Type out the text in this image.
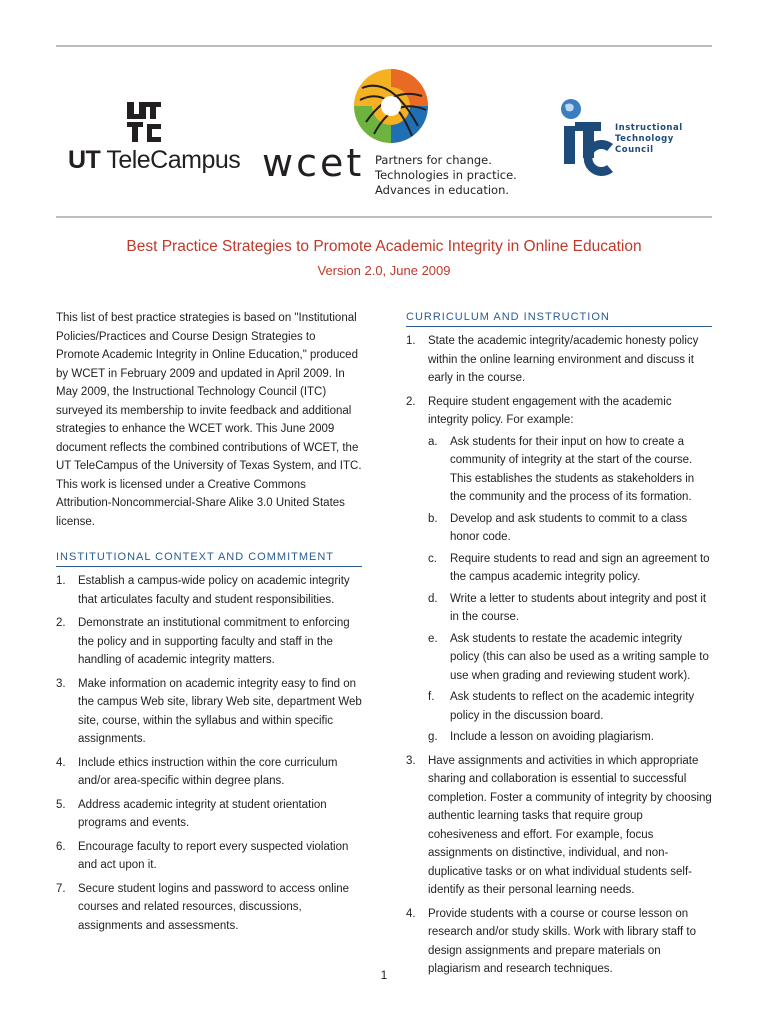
UT TeleCampus wcet Partners for change.
Technologies in practice.
Advances in education.
Instructional
Technology
Council
Best Practice Strategies to Promote Academic Integrity in Online Education
Version 2.0, June 2009

This list of best practice strategies is based on "Institutional Policies/Practices and Course Design Strategies to Promote Academic Integrity in Online Education," produced by WCET in February 2009 and updated in April 2009. In May 2009, the Instructional Technology Council (ITC) surveyed its membership to invite feedback and additional strategies to enhance the WCET work. This June 2009 document reflects the combined contributions of WCET, the UT TeleCampus of the University of Texas System, and ITC. This work is licensed under a Creative Commons Attribution-Noncommercial-Share Alike 3.0 United States license.

INSTITUTIONAL CONTEXT AND COMMITMENT
1. Establish a campus-wide policy on academic integrity that articulates faculty and student responsibilities.
2. Demonstrate an institutional commitment to enforcing the policy and in supporting faculty and staff in the handling of academic integrity matters.
3. Make information on academic integrity easy to find on the campus Web site, library Web site, department Web site, course, within the syllabus and within specific assignments.
4. Include ethics instruction within the core curriculum and/or area-specific within degree plans.
5. Address academic integrity at student orientation programs and events.
6. Encourage faculty to report every suspected violation and act upon it.
7. Secure student logins and password to access online courses and related resources, discussions, assignments and assessments.
CURRICULUM AND INSTRUCTION
1. State the academic integrity/academic honesty policy within the online learning environment and discuss it early in the course.
2. Require student engagement with the academic integrity policy. For example:
a. Ask students for their input on how to create a community of integrity at the start of the course. This establishes the students as stakeholders in the community and the process of its formation.
b. Develop and ask students to commit to a class honor code.
c. Require students to read and sign an agreement to the campus academic integrity policy.
d. Write a letter to students about integrity and post it in the course.
e. Ask students to restate the academic integrity policy (this can also be used as a writing sample to use when grading and reviewing student work).
f. Ask students to reflect on the academic integrity policy in the discussion board.
g. Include a lesson on avoiding plagiarism.
3. Have assignments and activities in which appropriate sharing and collaboration is essential to successful completion. Foster a community of integrity by choosing authentic learning tasks that require group cohesiveness and effort. For example, focus assignments on distinctive, individual, and non-duplicative tasks or on what individual students self-identify as their personal learning needs.
4. Provide students with a course or course lesson on research and/or study skills. Work with library staff to design assignments and prepare materials on plagiarism and research techniques.
1
